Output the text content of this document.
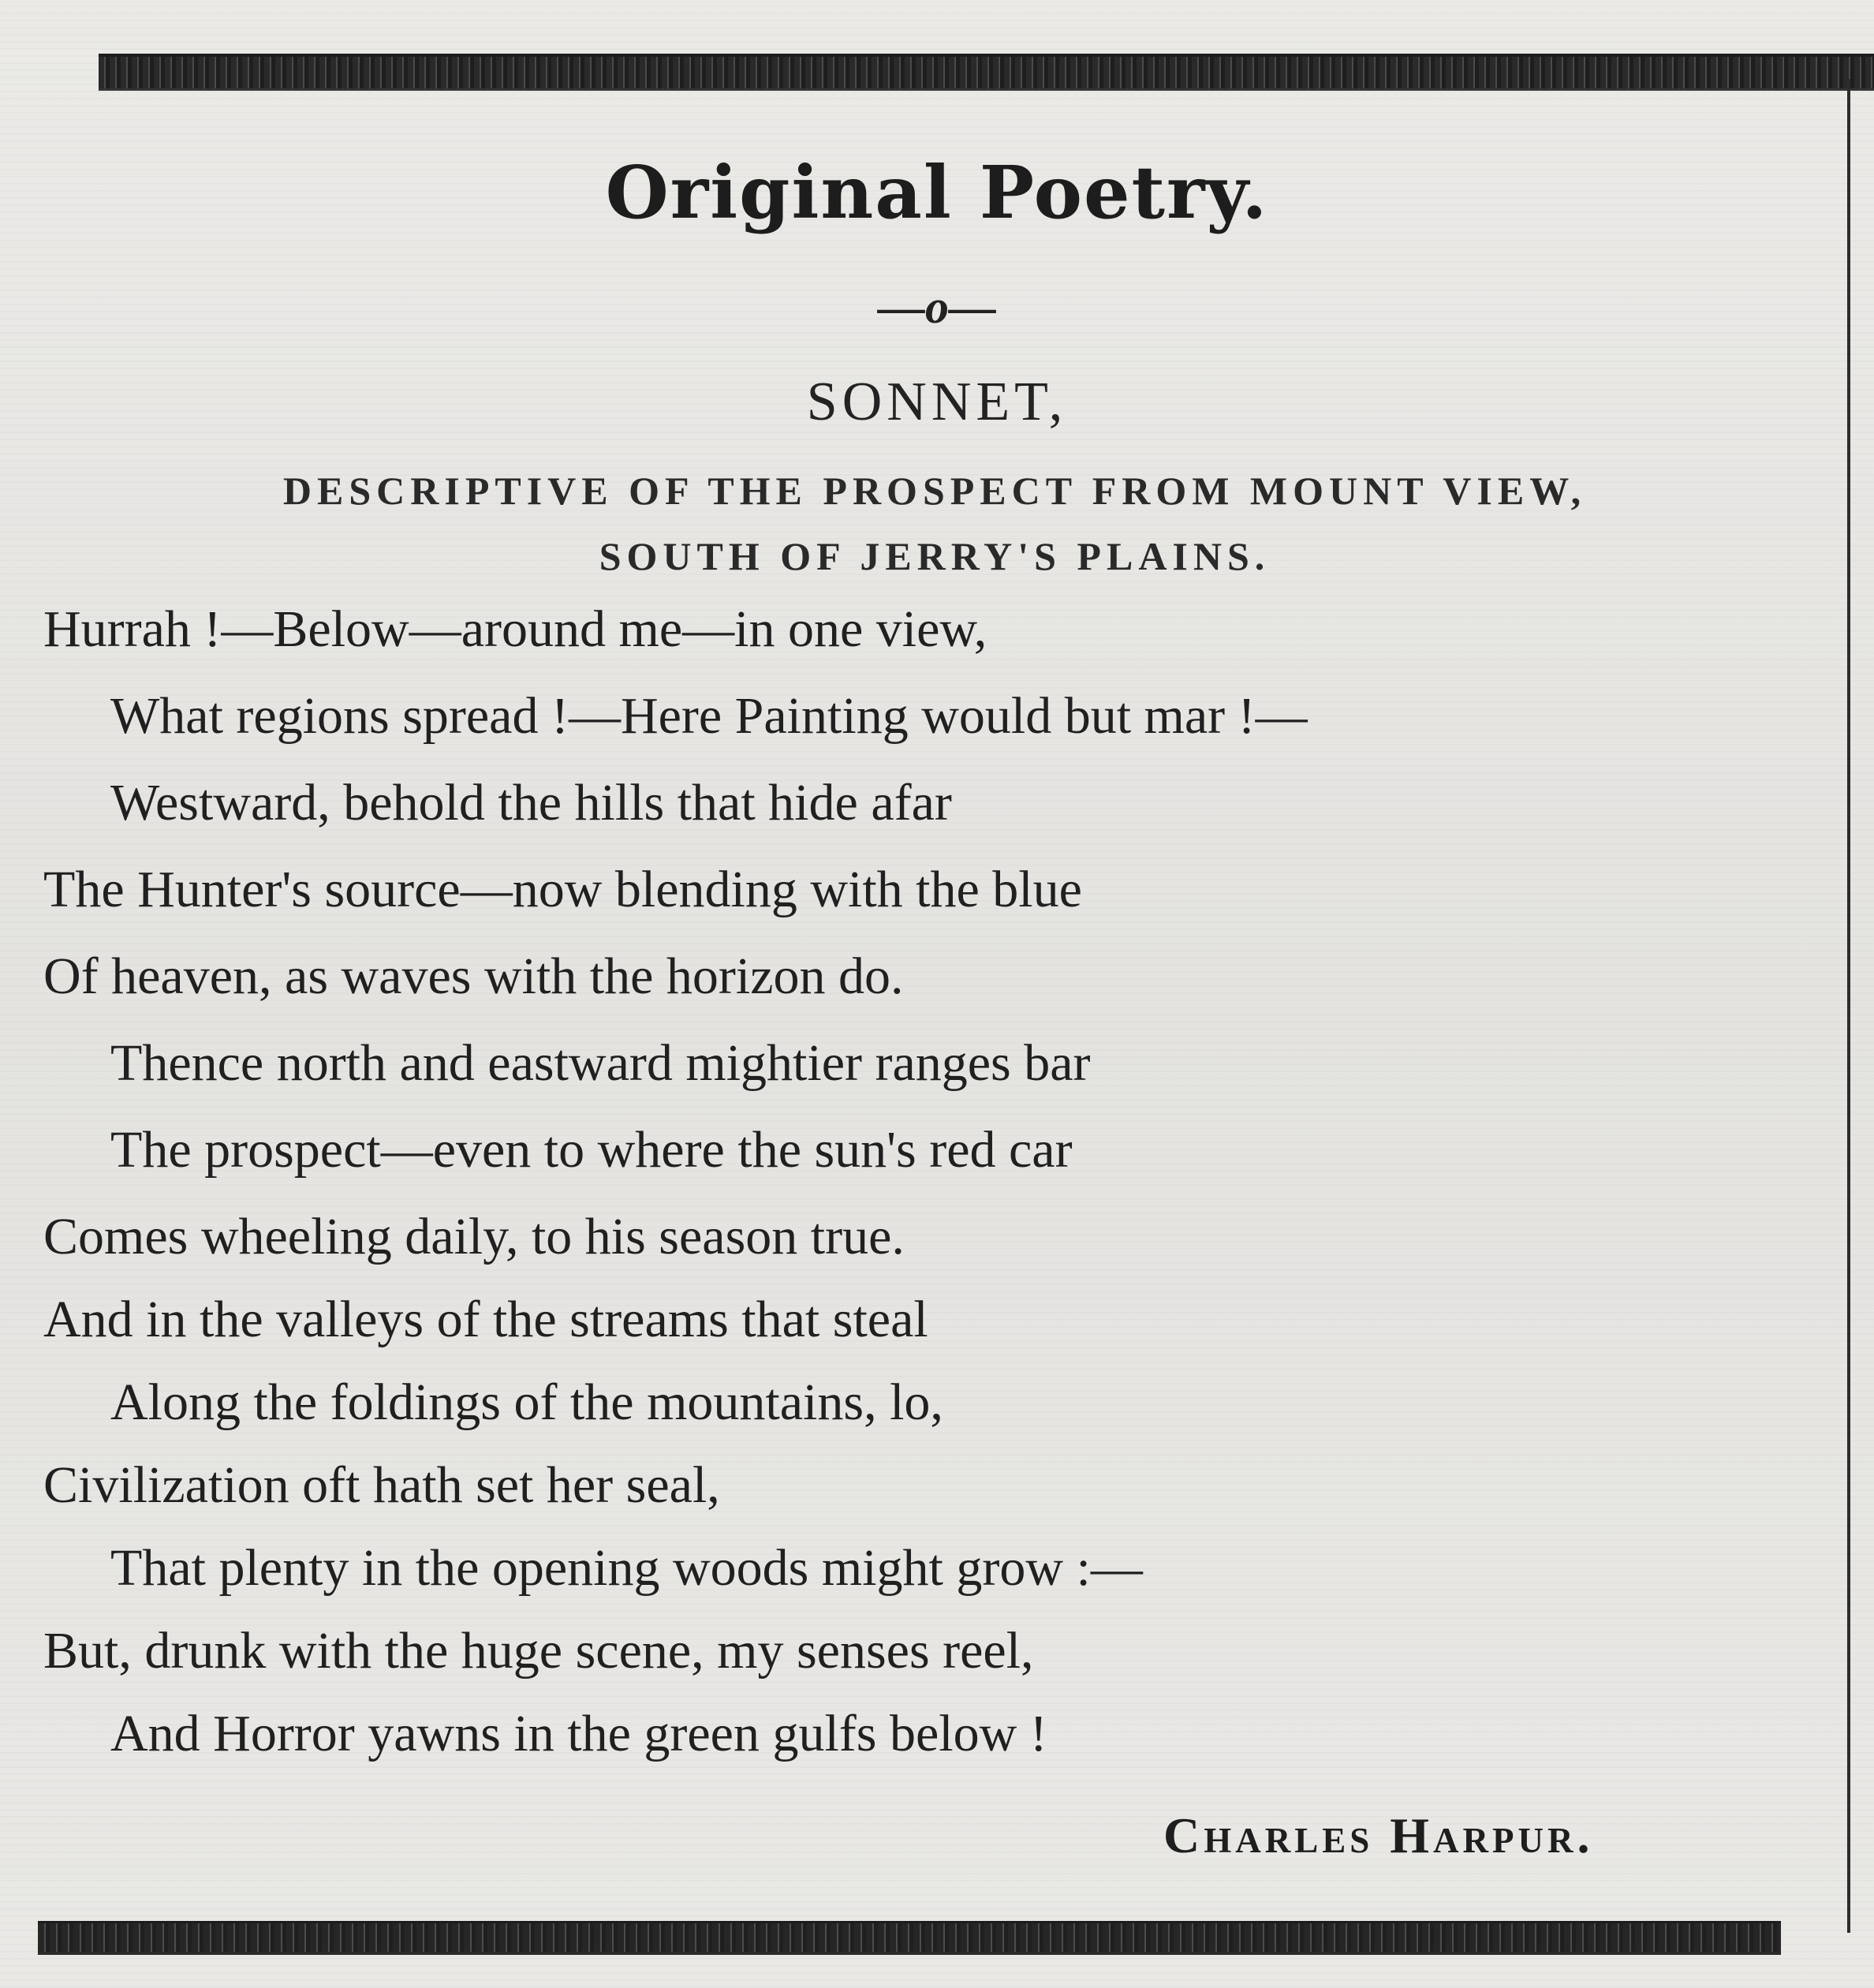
Original Poetry.
—o—
SONNET,
DESCRIPTIVE OF THE PROSPECT FROM MOUNT VIEW,
SOUTH OF JERRY'S PLAINS.
Hurrah !—Below—around me—in one view,
What regions spread !—Here Painting would but mar !—
Westward, behold the hills that hide afar
The Hunter's source—now blending with the blue
Of heaven, as waves with the horizon do.
Thence north and eastward mightier ranges bar
The prospect—even to where the sun's red car
Comes wheeling daily, to his season true.
And in the valleys of the streams that steal
Along the foldings of the mountains, lo,
Civilization oft hath set her seal,
That plenty in the opening woods might grow :—
But, drunk with the huge scene, my senses reel,
And Horror yawns in the green gulfs below !
Charles Harpur.
